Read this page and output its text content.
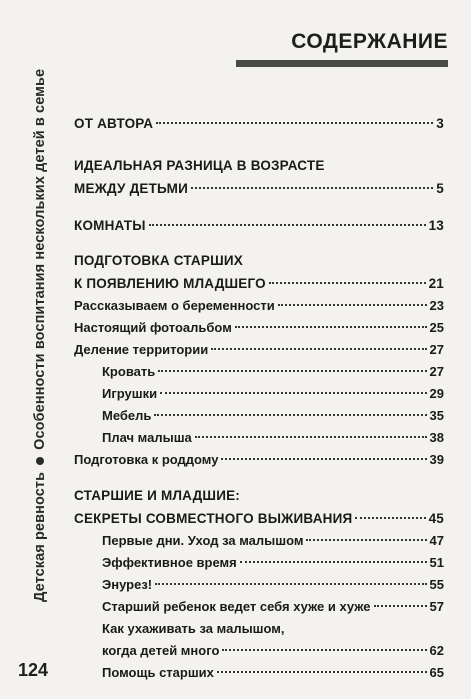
Детская ревностьОсобенности воспитания нескольких детей в семье
124
СОДЕРЖАНИЕ
ОТ АВТОРА	3
ИДЕАЛЬНАЯ РАЗНИЦА В ВОЗРАСТЕ
МЕЖДУ ДЕТЬМИ	5
КОМНАТЫ	13
ПОДГОТОВКА СТАРШИХ
К ПОЯВЛЕНИЮ МЛАДШЕГО	21
Рассказываем о беременности	23
Настоящий фотоальбом	25
Деление территории	27
Кровать	27
Игрушки	29
Мебель	35
Плач малыша	38
Подготовка к роддому	39
СТАРШИЕ И МЛАДШИЕ:
СЕКРЕТЫ СОВМЕСТНОГО ВЫЖИВАНИЯ	45
Первые дни. Уход за малышом	47
Эффективное время	51
Энурез!	55
Старший ребенок ведет себя хуже и хуже	57
Как ухаживать за малышом,
когда детей много	62
Помощь старших	65
